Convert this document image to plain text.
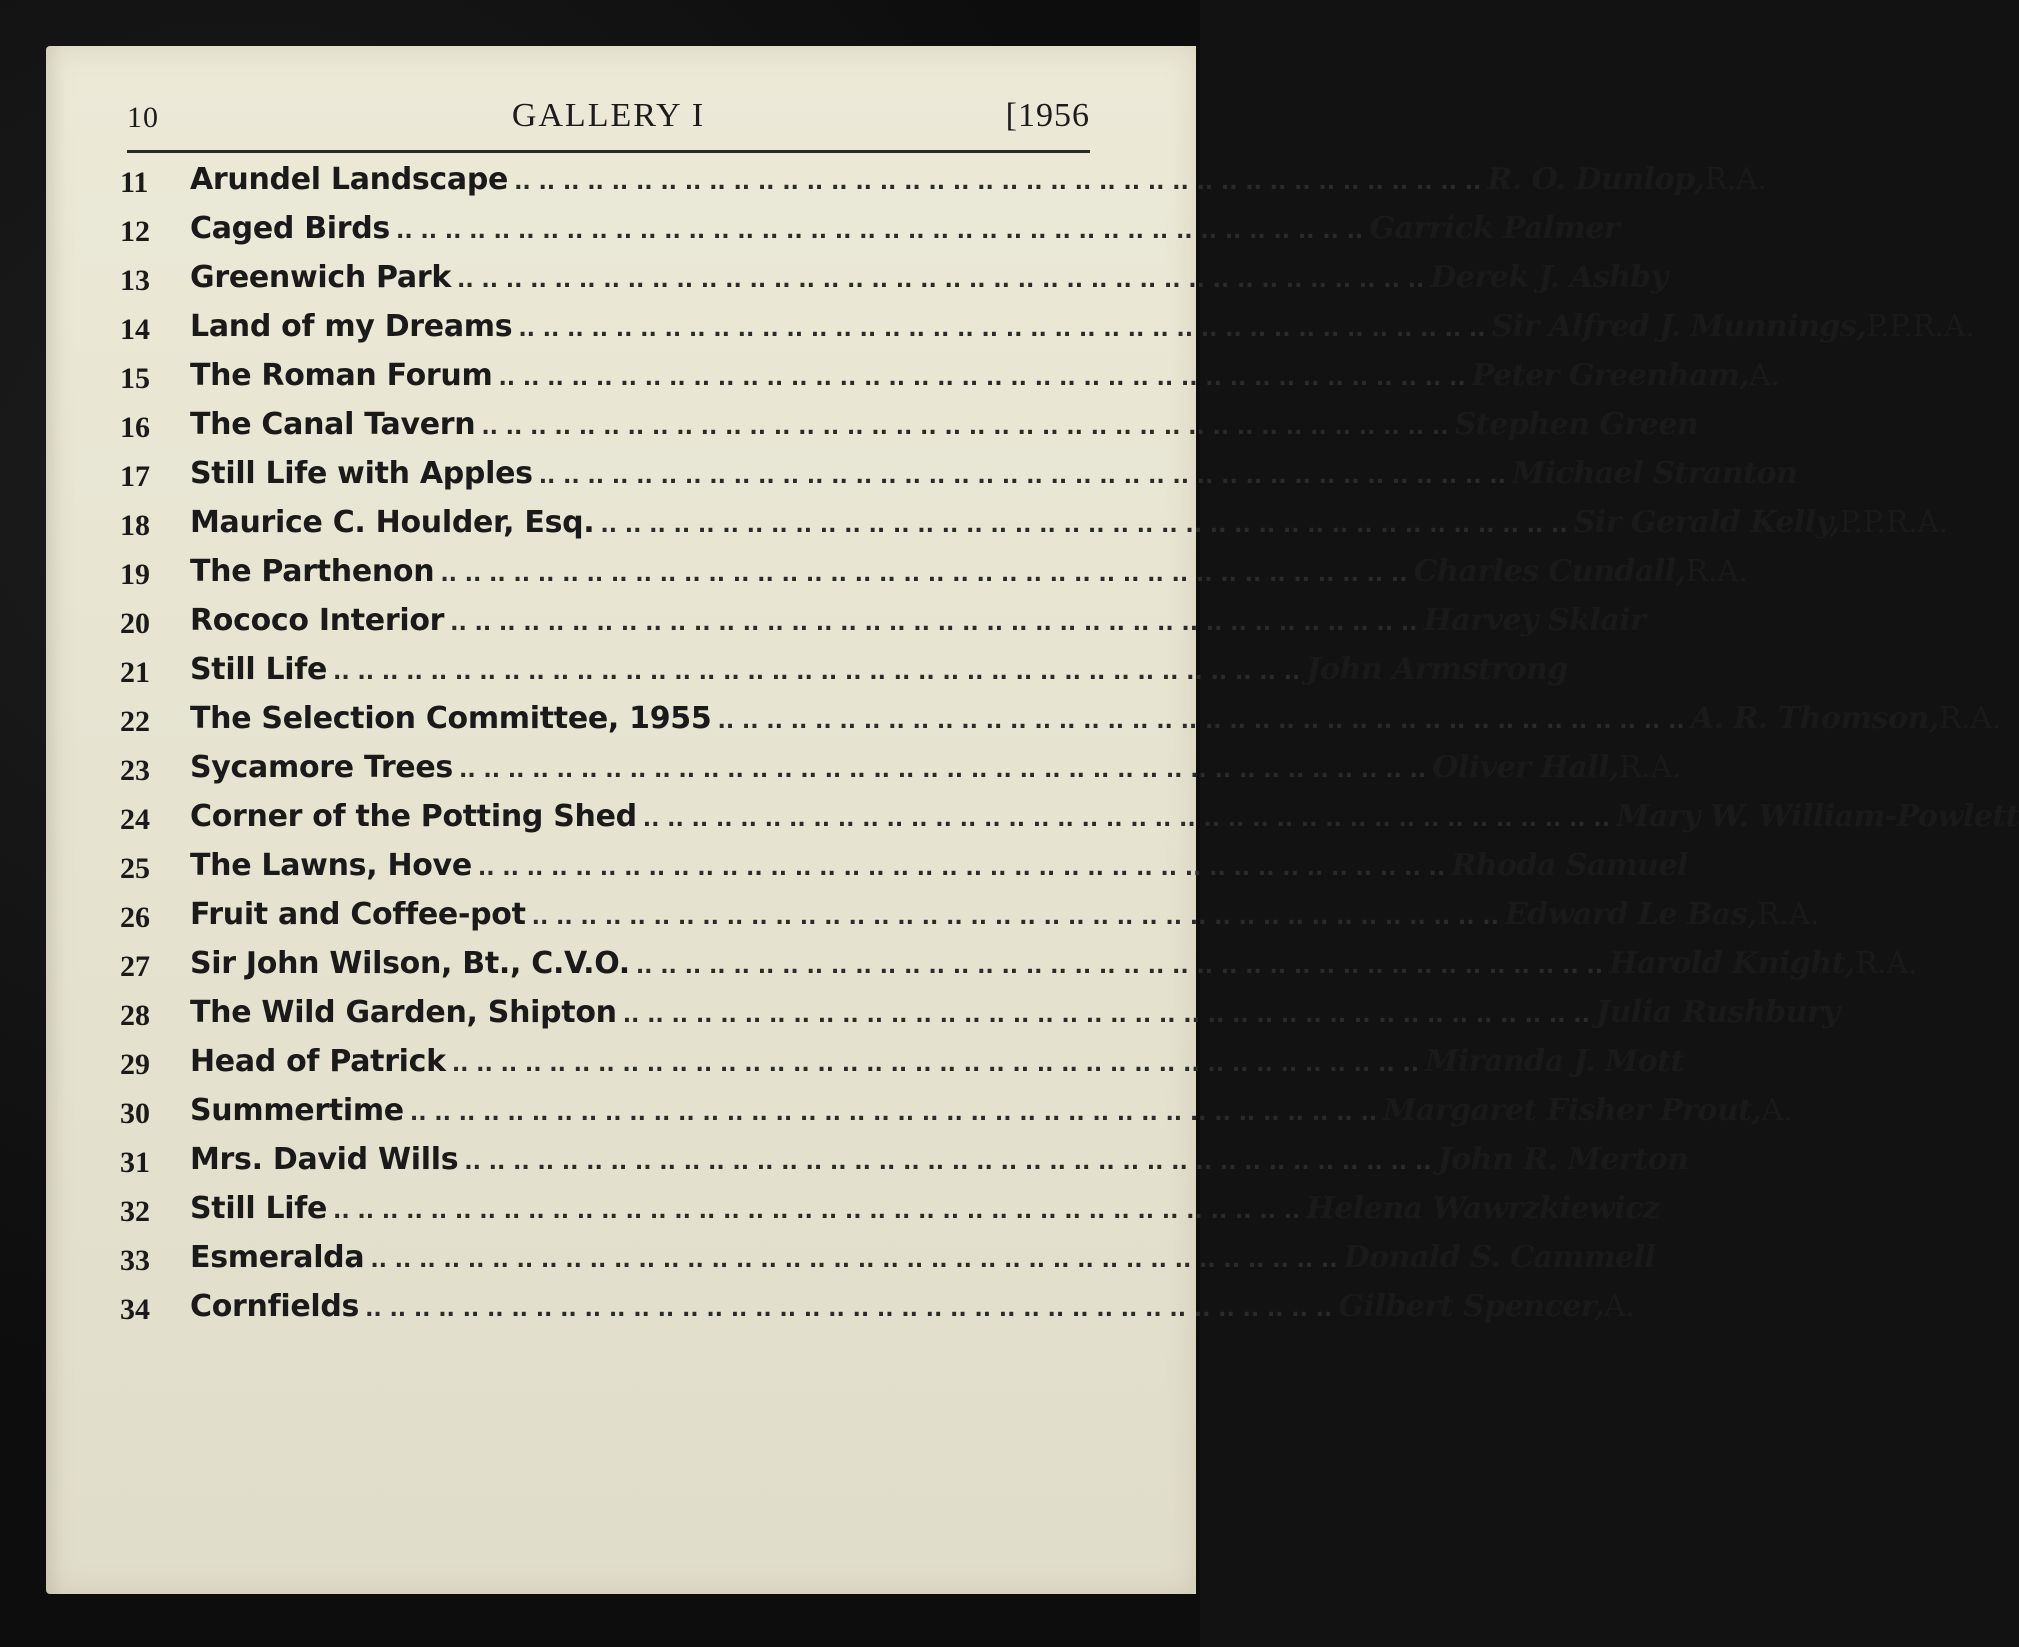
10	GALLERY I	[1956
11	Arundel Landscape .. .. .. .. .. .. .. .. .. .. .. .. .. .. .. .. .. .. .. .. .. .. .. .. .. .. .. .. .. .. .. .. .. .. .. .. .. .. .. .. R. O. Dunlop, R.A.
12	Caged Birds .. .. .. .. .. .. .. .. .. .. .. .. .. .. .. .. .. .. .. .. .. .. .. .. .. .. .. .. .. .. .. .. .. .. .. .. .. .. .. .. Garrick Palmer
13	Greenwich Park .. .. .. .. .. .. .. .. .. .. .. .. .. .. .. .. .. .. .. .. .. .. .. .. .. .. .. .. .. .. .. .. .. .. .. .. .. .. .. .. Derek J. Ashby
14	Land of my Dreams .. .. .. .. .. .. .. .. .. .. .. .. .. .. .. .. .. .. .. .. .. .. .. .. .. .. .. .. .. .. .. .. .. .. .. .. .. .. .. .. Sir Alfred J. Munnings, P.P.R.A.
15	The Roman Forum .. .. .. .. .. .. .. .. .. .. .. .. .. .. .. .. .. .. .. .. .. .. .. .. .. .. .. .. .. .. .. .. .. .. .. .. .. .. .. .. Peter Greenham, A.
16	The Canal Tavern .. .. .. .. .. .. .. .. .. .. .. .. .. .. .. .. .. .. .. .. .. .. .. .. .. .. .. .. .. .. .. .. .. .. .. .. .. .. .. .. Stephen Green
17	Still Life with Apples .. .. .. .. .. .. .. .. .. .. .. .. .. .. .. .. .. .. .. .. .. .. .. .. .. .. .. .. .. .. .. .. .. .. .. .. .. .. .. .. Michael Stranton
18	Maurice C. Houlder, Esq. .. .. .. .. .. .. .. .. .. .. .. .. .. .. .. .. .. .. .. .. .. .. .. .. .. .. .. .. .. .. .. .. .. .. .. .. .. .. .. .. Sir Gerald Kelly, P.P.R.A.
19	The Parthenon .. .. .. .. .. .. .. .. .. .. .. .. .. .. .. .. .. .. .. .. .. .. .. .. .. .. .. .. .. .. .. .. .. .. .. .. .. .. .. .. Charles Cundall, R.A.
20	Rococo Interior .. .. .. .. .. .. .. .. .. .. .. .. .. .. .. .. .. .. .. .. .. .. .. .. .. .. .. .. .. .. .. .. .. .. .. .. .. .. .. .. Harvey Sklair
21	Still Life .. .. .. .. .. .. .. .. .. .. .. .. .. .. .. .. .. .. .. .. .. .. .. .. .. .. .. .. .. .. .. .. .. .. .. .. .. .. .. .. John Armstrong
22	The Selection Committee, 1955 .. .. .. .. .. .. .. .. .. .. .. .. .. .. .. .. .. .. .. .. .. .. .. .. .. .. .. .. .. .. .. .. .. .. .. .. .. .. .. .. A. R. Thomson, R.A.
23	Sycamore Trees .. .. .. .. .. .. .. .. .. .. .. .. .. .. .. .. .. .. .. .. .. .. .. .. .. .. .. .. .. .. .. .. .. .. .. .. .. .. .. .. Oliver Hall, R.A.
24	Corner of the Potting Shed .. .. .. .. .. .. .. .. .. .. .. .. .. .. .. .. .. .. .. .. .. .. .. .. .. .. .. .. .. .. .. .. .. .. .. .. .. .. .. .. Mary W. William-Powlett
25	The Lawns, Hove .. .. .. .. .. .. .. .. .. .. .. .. .. .. .. .. .. .. .. .. .. .. .. .. .. .. .. .. .. .. .. .. .. .. .. .. .. .. .. .. Rhoda Samuel
26	Fruit and Coffee-pot .. .. .. .. .. .. .. .. .. .. .. .. .. .. .. .. .. .. .. .. .. .. .. .. .. .. .. .. .. .. .. .. .. .. .. .. .. .. .. .. Edward Le Bas, R.A.
27	Sir John Wilson, Bt., C.V.O. .. .. .. .. .. .. .. .. .. .. .. .. .. .. .. .. .. .. .. .. .. .. .. .. .. .. .. .. .. .. .. .. .. .. .. .. .. .. .. .. Harold Knight, R.A.
28	The Wild Garden, Shipton .. .. .. .. .. .. .. .. .. .. .. .. .. .. .. .. .. .. .. .. .. .. .. .. .. .. .. .. .. .. .. .. .. .. .. .. .. .. .. .. Julia Rushbury
29	Head of Patrick .. .. .. .. .. .. .. .. .. .. .. .. .. .. .. .. .. .. .. .. .. .. .. .. .. .. .. .. .. .. .. .. .. .. .. .. .. .. .. .. Miranda J. Mott
30	Summertime .. .. .. .. .. .. .. .. .. .. .. .. .. .. .. .. .. .. .. .. .. .. .. .. .. .. .. .. .. .. .. .. .. .. .. .. .. .. .. .. Margaret Fisher Prout, A.
31	Mrs. David Wills .. .. .. .. .. .. .. .. .. .. .. .. .. .. .. .. .. .. .. .. .. .. .. .. .. .. .. .. .. .. .. .. .. .. .. .. .. .. .. .. John R. Merton
32	Still Life .. .. .. .. .. .. .. .. .. .. .. .. .. .. .. .. .. .. .. .. .. .. .. .. .. .. .. .. .. .. .. .. .. .. .. .. .. .. .. .. Helena Wawrzkiewicz
33	Esmeralda .. .. .. .. .. .. .. .. .. .. .. .. .. .. .. .. .. .. .. .. .. .. .. .. .. .. .. .. .. .. .. .. .. .. .. .. .. .. .. .. Donald S. Cammell
34	Cornfields .. .. .. .. .. .. .. .. .. .. .. .. .. .. .. .. .. .. .. .. .. .. .. .. .. .. .. .. .. .. .. .. .. .. .. .. .. .. .. .. Gilbert Spencer, A.
